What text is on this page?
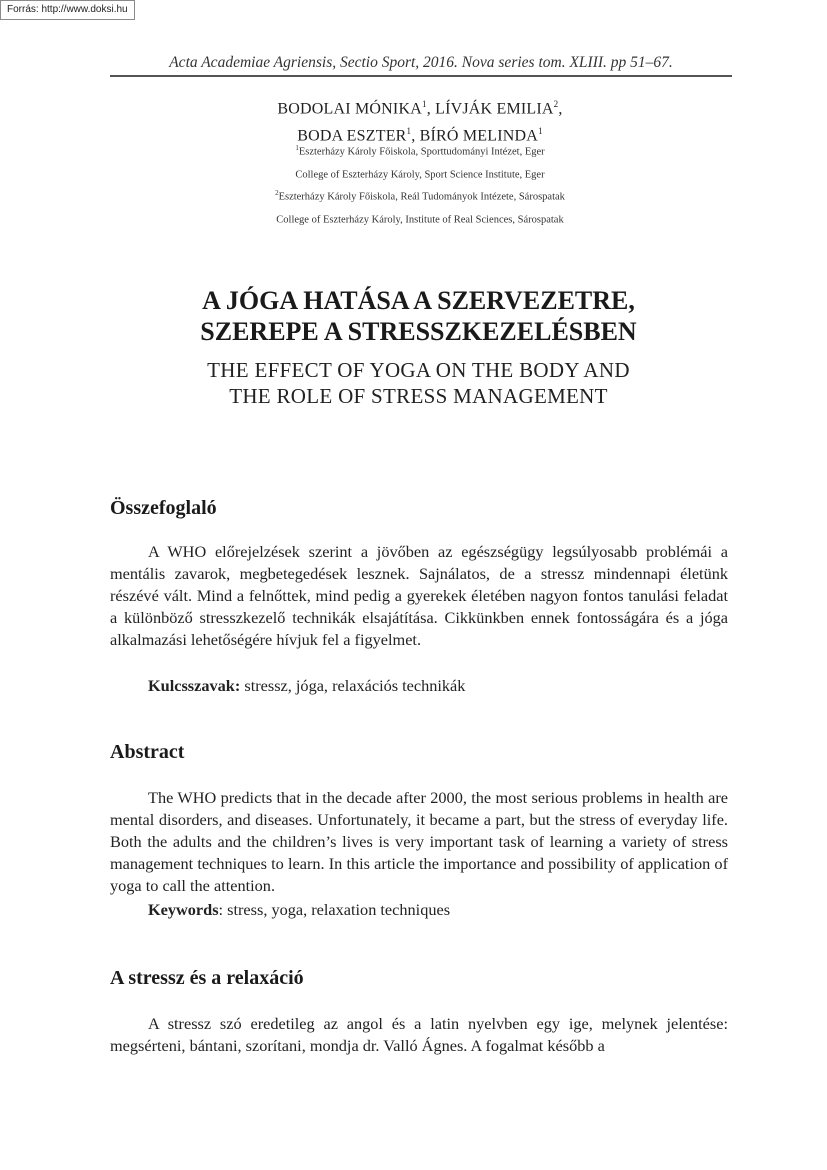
Forrás: http://www.doksi.hu
Acta Academiae Agriensis, Sectio Sport, 2016. Nova series tom. XLIII. pp 51–67.
BODOLAI MÓNIKA$^1$, LÍVJÁK EMILIA$^2$,
BODA ESZTER$^1$, BÍRÓ MELINDA$^1$
$^1$Eszterházy Károly Főiskola, Sporttudományi Intézet, Eger
College of Eszterházy Károly, Sport Science Institute, Eger
$^2$Eszterházy Károly Főiskola, Reál Tudományok Intézete, Sárospatak
College of Eszterházy Károly, Institute of Real Sciences, Sárospatak
A JÓGA HATÁSA A SZERVEZETRE,
SZEREPE A STRESSZKEZELÉSBEN
THE EFFECT OF YOGA ON THE BODY AND
THE ROLE OF STRESS MANAGEMENT
Összefoglaló
A WHO előrejelzések szerint a jövőben az egészségügy legsúlyosabb problémái a mentális zavarok, megbetegedések lesznek. Sajnálatos, de a stressz mindennapi életünk részévé vált. Mind a felnőttek, mind pedig a gyerekek életében nagyon fontos tanulási feladat a különböző stresszkezelő technikák elsajátítása. Cikkünkben ennek fontosságára és a jóga alkalmazási lehetőségére hívjuk fel a figyelmet.
Kulcsszavak: stressz, jóga, relaxációs technikák
Abstract
The WHO predicts that in the decade after 2000, the most serious problems in health are mental disorders, and diseases. Unfortunately, it became a part, but the stress of everyday life. Both the adults and the children’s lives is very important task of learning a variety of stress management techniques to learn. In this article the importance and possibility of application of yoga to call the attention.
Keywords: stress, yoga, relaxation techniques
A stressz és a relaxáció
A stressz szó eredetileg az angol és a latin nyelvben egy ige, melynek jelentése: megsérteni, bántani, szorítani, mondja dr. Valló Ágnes. A fogalmat később a
